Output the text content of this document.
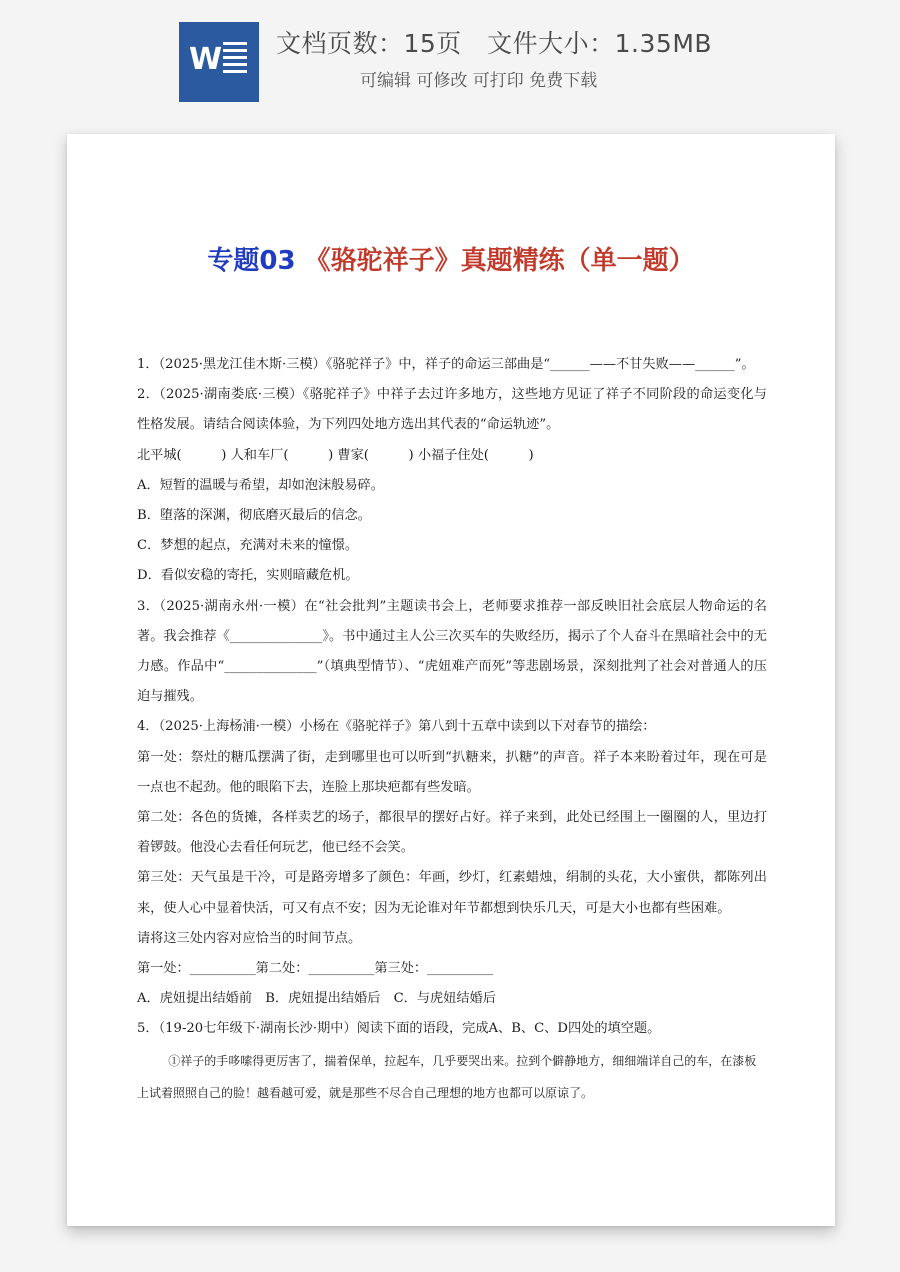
W 文档页数：15页   文件大小：1.35MB
可编辑 可修改 可打印 免费下载
专题03 《骆驼祥子》真题精练（单一题）

1．（2025·黑龙江佳木斯·三模）《骆驼祥子》中，祥子的命运三部曲是“______——不甘失败——______”。

2．（2025·湖南娄底·三模）《骆驼祥子》中祥子去过许多地方，这些地方见证了祥子不同阶段的命运变化与性格发展。请结合阅读体验，为下列四处地方选出其代表的“命运轨迹”。

北平城(　　　) 人和车厂(　　　) 曹家(　　　) 小福子住处(　　　)

A．短暂的温暖与希望，却如泡沫般易碎。

B．堕落的深渊，彻底磨灭最后的信念。

C．梦想的起点，充满对未来的憧憬。

D．看似安稳的寄托，实则暗藏危机。

3．（2025·湖南永州·一模）在“社会批判”主题读书会上，老师要求推荐一部反映旧社会底层人物命运的名著。我会推荐《______________》。书中通过主人公三次买车的失败经历，揭示了个人奋斗在黑暗社会中的无力感。作品中“______________”（填典型情节）、“虎妞难产而死”等悲剧场景，深刻批判了社会对普通人的压迫与摧残。

4．（2025·上海杨浦·一模）小杨在《骆驼祥子》第八到十五章中读到以下对春节的描绘：

第一处：祭灶的糖瓜摆满了街，走到哪里也可以听到“扒糖来，扒糖”的声音。祥子本来盼着过年，现在可是一点也不起劲。他的眼陷下去，连脸上那块疤都有些发暗。

第二处：各色的货摊，各样卖艺的场子，都很早的摆好占好。祥子来到，此处已经围上一圈圈的人，里边打着锣鼓。他没心去看任何玩艺，他已经不会笑。

第三处：天气虽是干冷，可是路旁增多了颜色：年画，纱灯，红素蜡烛，绢制的头花，大小蜜供，都陈列出来，使人心中显着快活，可又有点不安；因为无论谁对年节都想到快乐几天，可是大小也都有些困难。

请将这三处内容对应恰当的时间节点。

第一处：__________第二处：__________第三处：__________

A．虎妞提出结婚前　B．虎妞提出结婚后　C．与虎妞结婚后

5．（19-20七年级下·湖南长沙·期中）阅读下面的语段，完成A、B、C、D四处的填空题。

①祥子的手哆嗦得更厉害了，揣着保单，拉起车，几乎要哭出来。拉到个僻静地方，细细端详自己的车，在漆板上试着照照自己的脸！越看越可爱，就是那些不尽合自己理想的地方也都可以原谅了。
